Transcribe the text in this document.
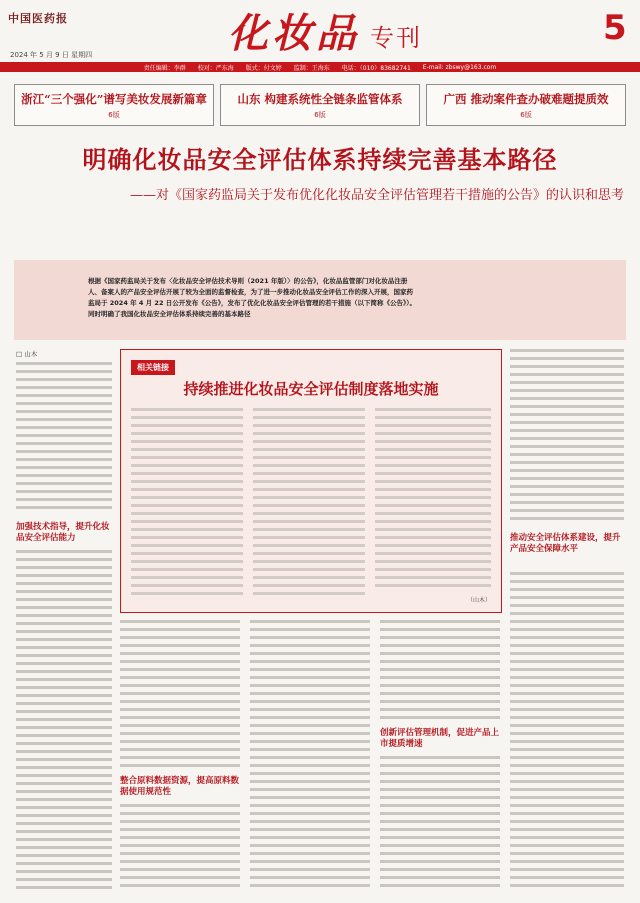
中国医药报
2024 年 5 月 9 日 星期四	化妆品 专刊	5
责任编辑：李群 校对：严东海 版式：付文婷 监制：王海东 电话：（010）83682741 E-mail: zbswy@163.com
浙江“三个强化”谱写美妆发展新篇章
6版
山东 构建系统性全链条监管体系
6版
广西 推动案件查办破难题提质效
6版
明确化妆品安全评估体系持续完善基本路径
——对《国家药监局关于发布优化化妆品安全评估管理若干措施的公告》的认识和思考

根据《国家药监局关于发布〈化妆品安全评估技术导则（2021 年版）〉的公告》，化妆品监管部门对化妆品注册人、备案人的产品安全评估开展了较为全面的监督检查，为了进一步推动化妆品安全评估工作的深入开展，国家药监局于 2024 年 4 月 22 日公开发布《公告》，发布了优化化妆品安全评估管理的若干措施（以下简称《公告》）。同时明确了我国化妆品安全评估体系持续完善的基本路径

□ 山木
加强技术指导，提升化妆品安全评估能力
相关链接
持续推进化妆品安全评估制度落地实施
（山木）
整合原料数据资源，提高原料数据使用规范性
创新评估管理机制，促进产品上市提质增速
推动安全评估体系建设，提升产品安全保障水平
